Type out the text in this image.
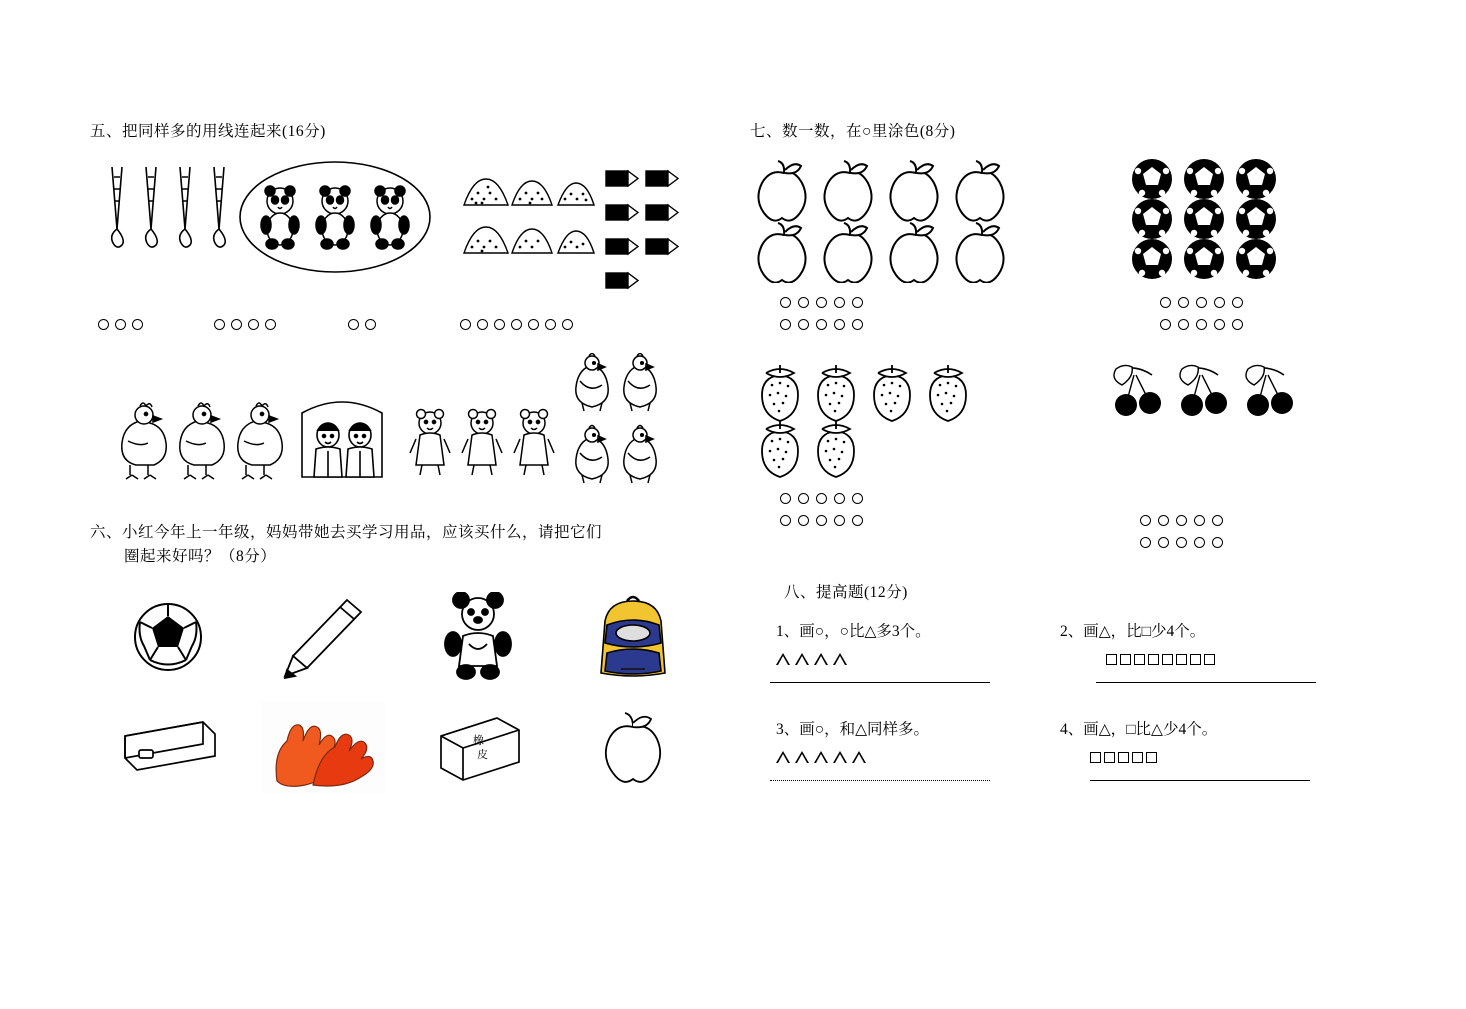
五、把同样多的用线连起来(16分)
六、小红今年上一年级，妈妈带她去买学习用品，应该买什么，请把它们
圈起来好吗？（8分）
橡
皮
七、数一数，在○里涂色(8分)
八、提高题(12分)
1、画○，○比△多3个。	2、画△，比□少4个。
3、画○，和△同样多。	4、画△，□比△少4个。
